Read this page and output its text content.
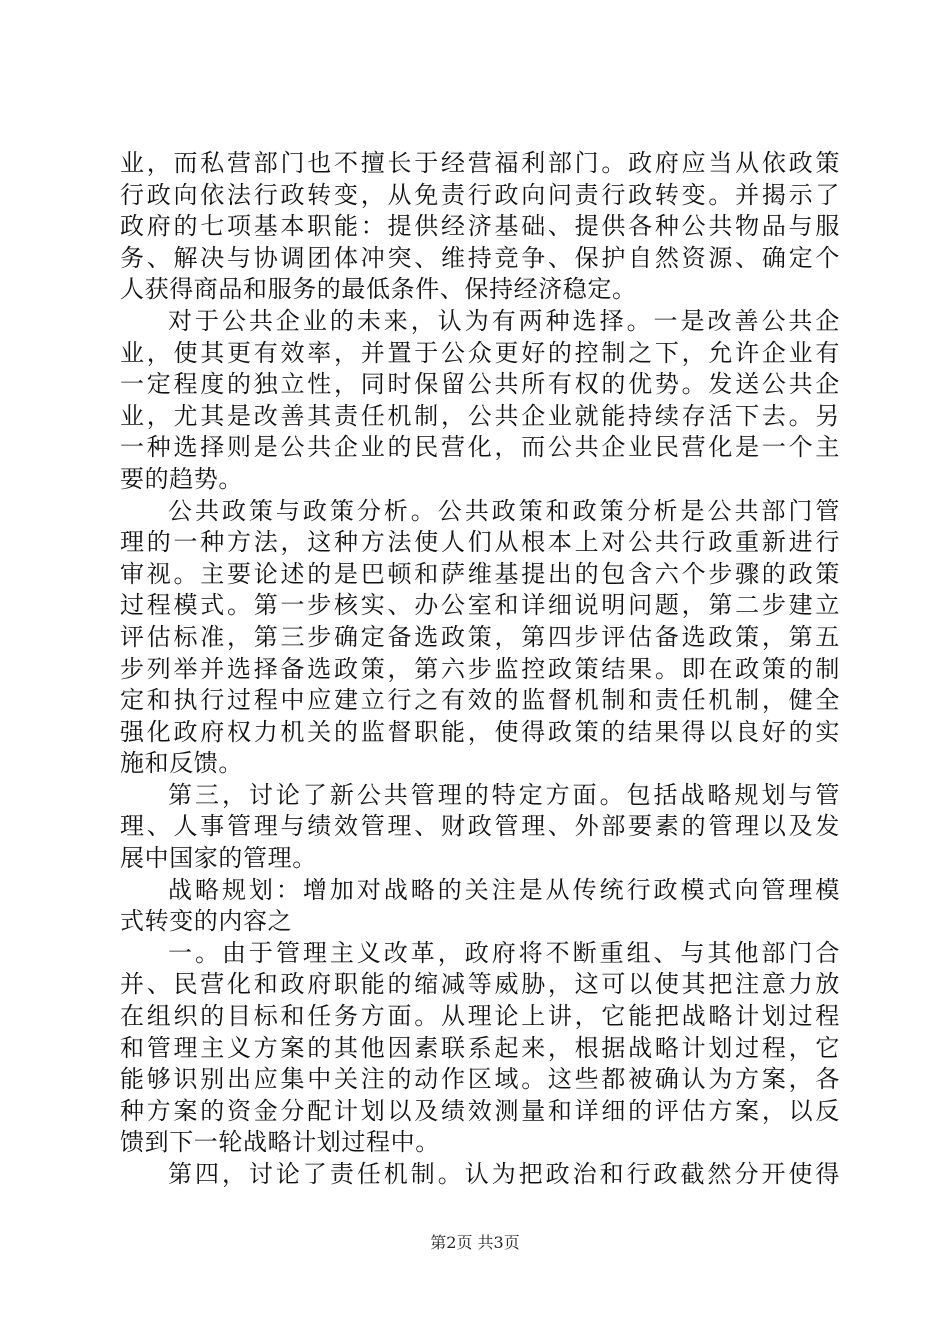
业，而私营部门也不擅长于经营福利部门。政府应当从依政策
行政向依法行政转变，从免责行政向问责行政转变。并揭示了
政府的七项基本职能：提供经济基础、提供各种公共物品与服
务、解决与协调团体冲突、维持竞争、保护自然资源、确定个
人获得商品和服务的最低条件、保持经济稳定。
对于公共企业的未来，认为有两种选择。一是改善公共企
业，使其更有效率，并置于公众更好的控制之下，允许企业有
一定程度的独立性，同时保留公共所有权的优势。发送公共企
业，尤其是改善其责任机制，公共企业就能持续存活下去。另
一种选择则是公共企业的民营化，而公共企业民营化是一个主
要的趋势。
公共政策与政策分析。公共政策和政策分析是公共部门管
理的一种方法，这种方法使人们从根本上对公共行政重新进行
审视。主要论述的是巴顿和萨维基提出的包含六个步骤的政策
过程模式。第一步核实、办公室和详细说明问题，第二步建立
评估标准，第三步确定备选政策，第四步评估备选政策，第五
步列举并选择备选政策，第六步监控政策结果。即在政策的制
定和执行过程中应建立行之有效的监督机制和责任机制，健全
强化政府权力机关的监督职能，使得政策的结果得以良好的实
施和反馈。
第三，讨论了新公共管理的特定方面。包括战略规划与管
理、人事管理与绩效管理、财政管理、外部要素的管理以及发
展中国家的管理。
战略规划：增加对战略的关注是从传统行政模式向管理模
式转变的内容之
一。由于管理主义改革，政府将不断重组、与其他部门合
并、民营化和政府职能的缩减等威胁，这可以使其把注意力放
在组织的目标和任务方面。从理论上讲，它能把战略计划过程
和管理主义方案的其他因素联系起来，根据战略计划过程，它
能够识别出应集中关注的动作区域。这些都被确认为方案，各
种方案的资金分配计划以及绩效测量和详细的评估方案，以反
馈到下一轮战略计划过程中。
第四，讨论了责任机制。认为把政治和行政截然分开使得
第2页 共3页
